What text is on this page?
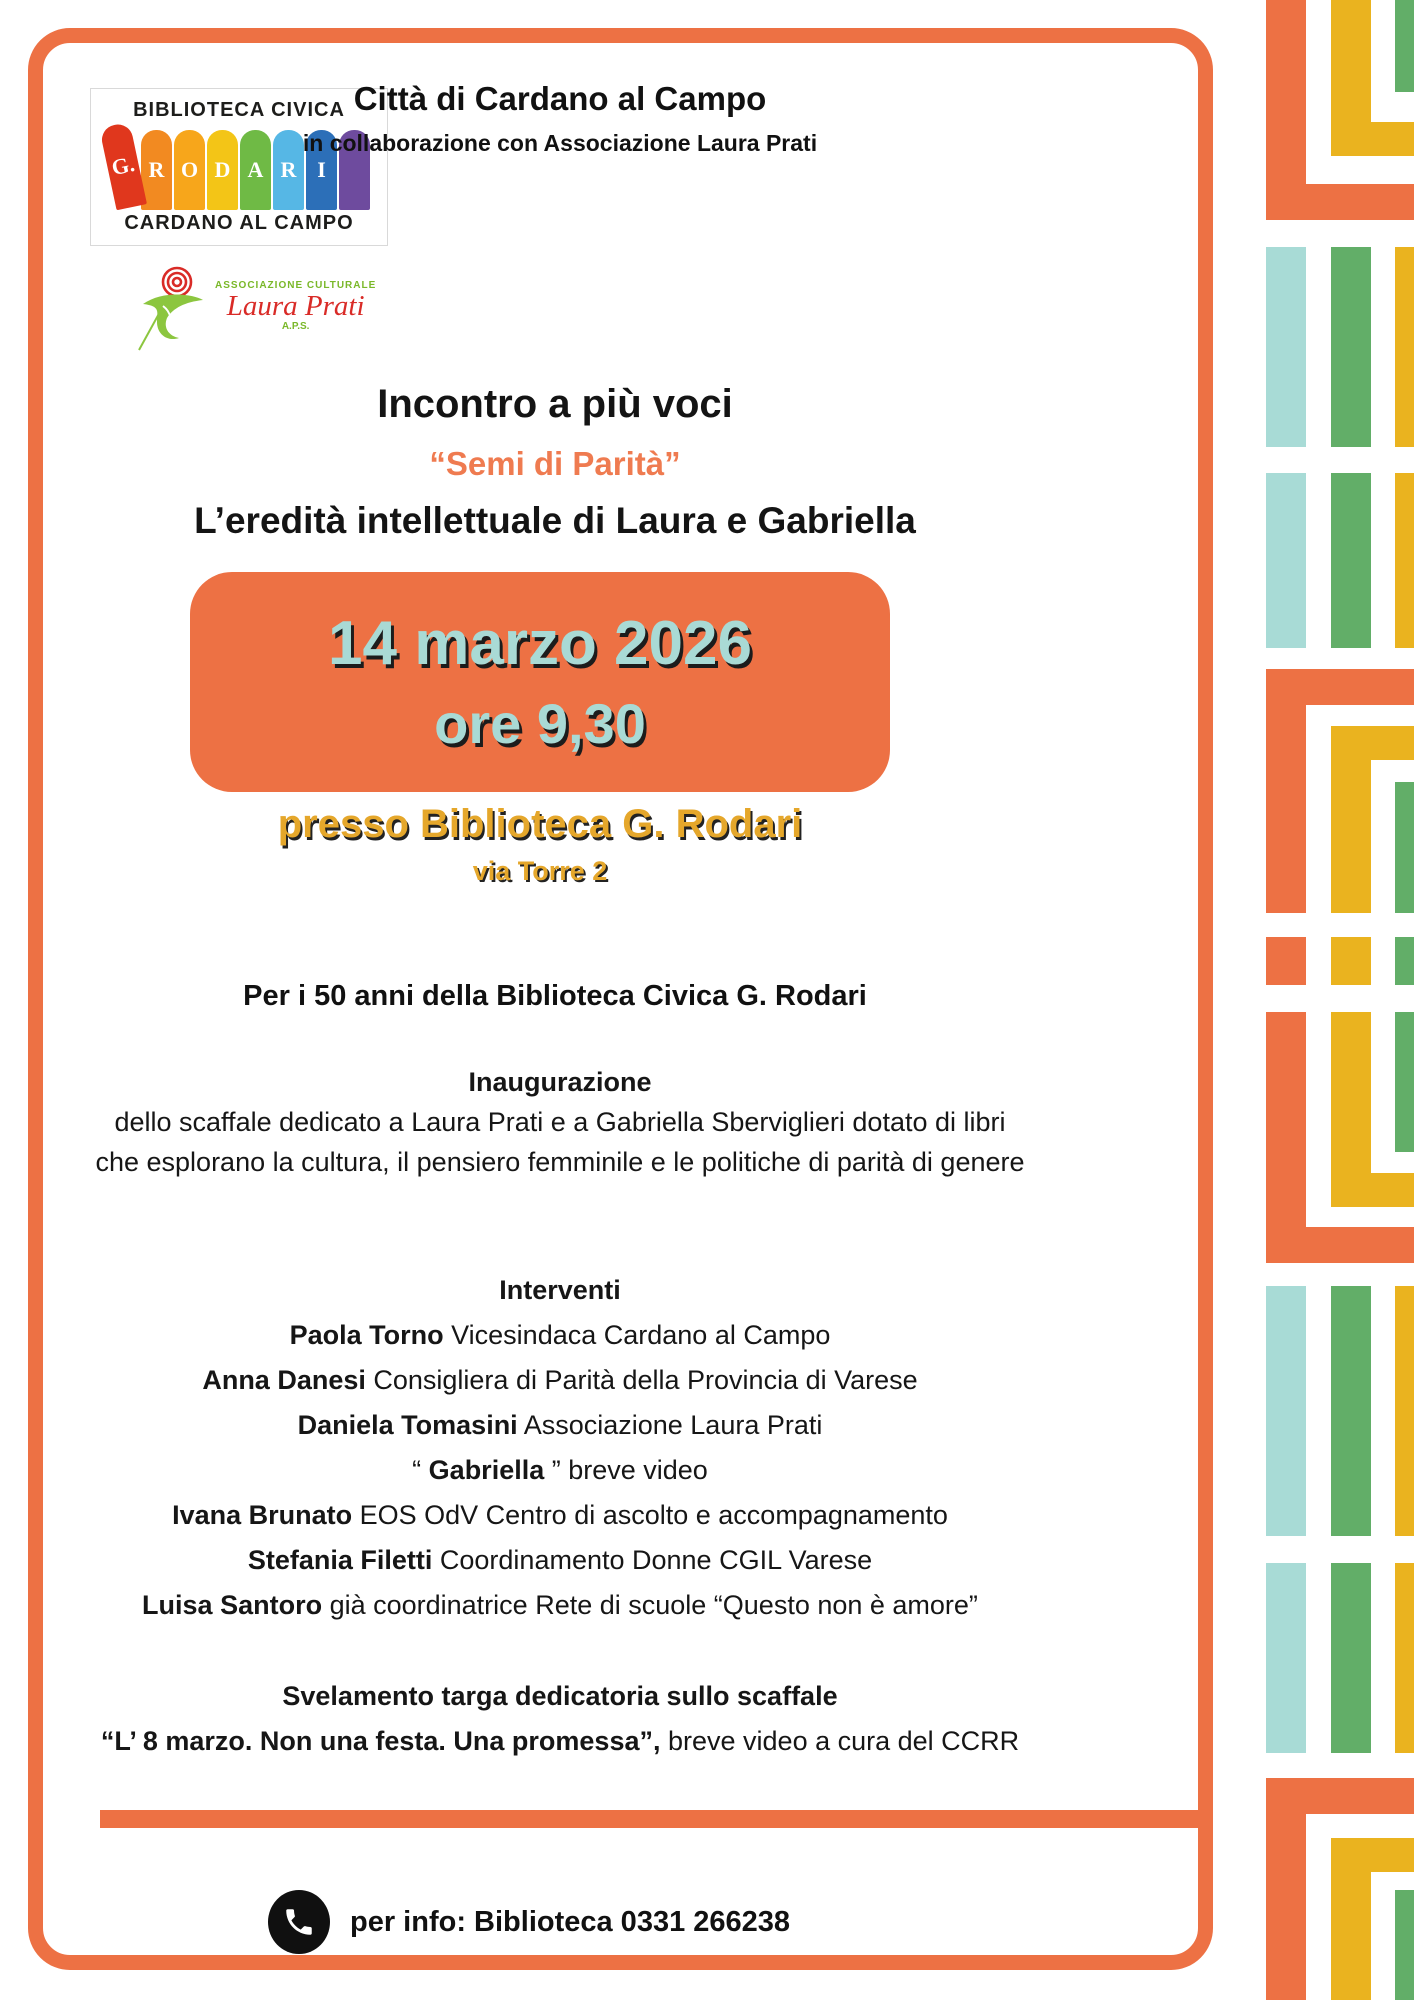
BIBLIOTECA CIVICA
G. R O D A R I
CARDANO AL CAMPO
Città di Cardano al Campo
in collaborazione con Associazione Laura Prati
ASSOCIAZIONE CULTURALE
Laura Prati
A.P.S.
Incontro a più voci
“Semi di Parità”
L’eredità intellettuale di Laura e Gabriella
14 marzo 2026
ore 9,30
presso Biblioteca G. Rodari
via Torre 2
Per i 50 anni della Biblioteca Civica G. Rodari
Inaugurazione
dello scaffale dedicato a Laura Prati e a Gabriella Sberviglieri dotato di libri
che esplorano la cultura, il pensiero femminile e le politiche di parità di genere
Interventi
Paola Torno Vicesindaca Cardano al Campo
Anna Danesi Consigliera di Parità della Provincia di Varese
Daniela Tomasini Associazione Laura Prati
“ Gabriella ” breve video
Ivana Brunato EOS OdV Centro di ascolto e accompagnamento
Stefania Filetti Coordinamento Donne CGIL Varese
Luisa Santoro già coordinatrice Rete di scuole “Questo non è amore”
Svelamento targa dedicatoria sullo scaffale
“L’ 8 marzo. Non una festa. Una promessa”, breve video a cura del CCRR
per info: Biblioteca 0331 266238
